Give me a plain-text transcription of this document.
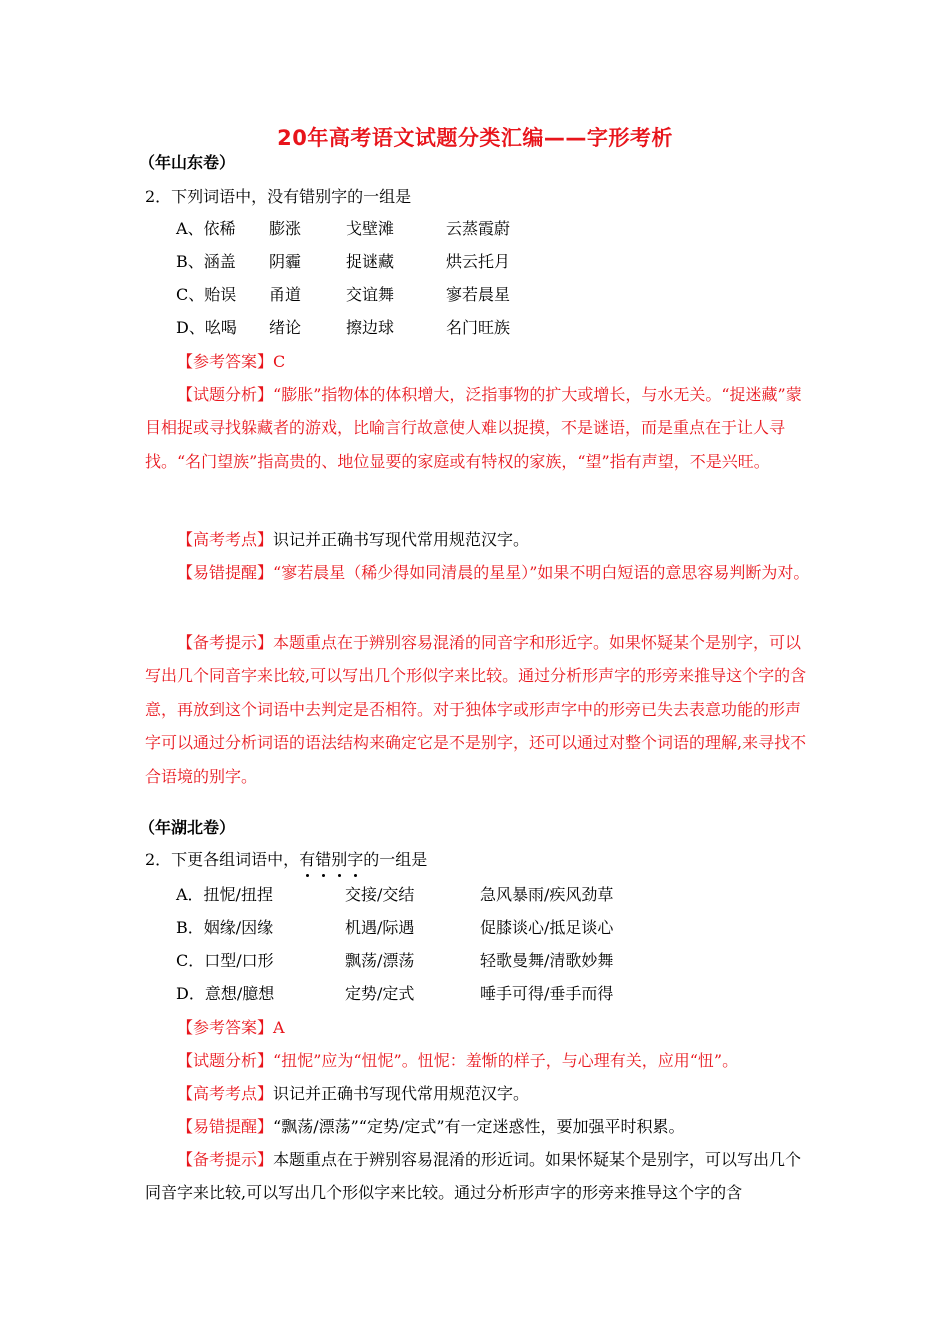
20年高考语文试题分类汇编——字形考析
（年山东卷）
2．下列词语中，没有错别字的一组是
A、依稀 膨涨	戈壁滩	云蒸霞蔚
B、涵盖 阴霾	捉谜藏	烘云托月
C、贻误 甬道	交谊舞	寥若晨星
D、吆喝 绪论	擦边球	名门旺族
【参考答案】C
【试题分析】“膨胀”指物体的体积增大，泛指事物的扩大或增长，与水无关。“捉迷藏”蒙目相捉或寻找躲藏者的游戏，比喻言行故意使人难以捉摸，不是谜语，而是重点在于让人寻找。“名门望族”指高贵的、地位显要的家庭或有特权的家族，“望”指有声望，不是兴旺。
【高考考点】识记并正确书写现代常用规范汉字。
【易错提醒】“寥若晨星（稀少得如同清晨的星星）”如果不明白短语的意思容易判断为对。
【备考提示】本题重点在于辨别容易混淆的同音字和形近字。如果怀疑某个是别字，可以写出几个同音字来比较,可以写出几个形似字来比较。通过分析形声字的形旁来推导这个字的含意，再放到这个词语中去判定是否相符。对于独体字或形声字中的形旁已失去表意功能的形声字可以通过分析词语的语法结构来确定它是不是别字，还可以通过对整个词语的理解,来寻找不合语境的别字。
（年湖北卷）
2．下更各组词语中，有错别字的一组是
A．扭怩/扭捏	交接/交结	急风暴雨/疾风劲草
B．姻缘/因缘	机遇/际遇	促膝谈心/抵足谈心
C．口型/口形	飘荡/漂荡	轻歌曼舞/清歌妙舞
D．意想/臆想	定势/定式	唾手可得/垂手而得
【参考答案】A
【试题分析】“扭怩”应为“忸怩”。忸怩：羞惭的样子，与心理有关，应用“忸”。
【高考考点】识记并正确书写现代常用规范汉字。
【易错提醒】“飘荡/漂荡”“定势/定式”有一定迷惑性，要加强平时积累。
【备考提示】本题重点在于辨别容易混淆的形近词。如果怀疑某个是别字，可以写出几个同音字来比较,可以写出几个形似字来比较。通过分析形声字的形旁来推导这个字的含
